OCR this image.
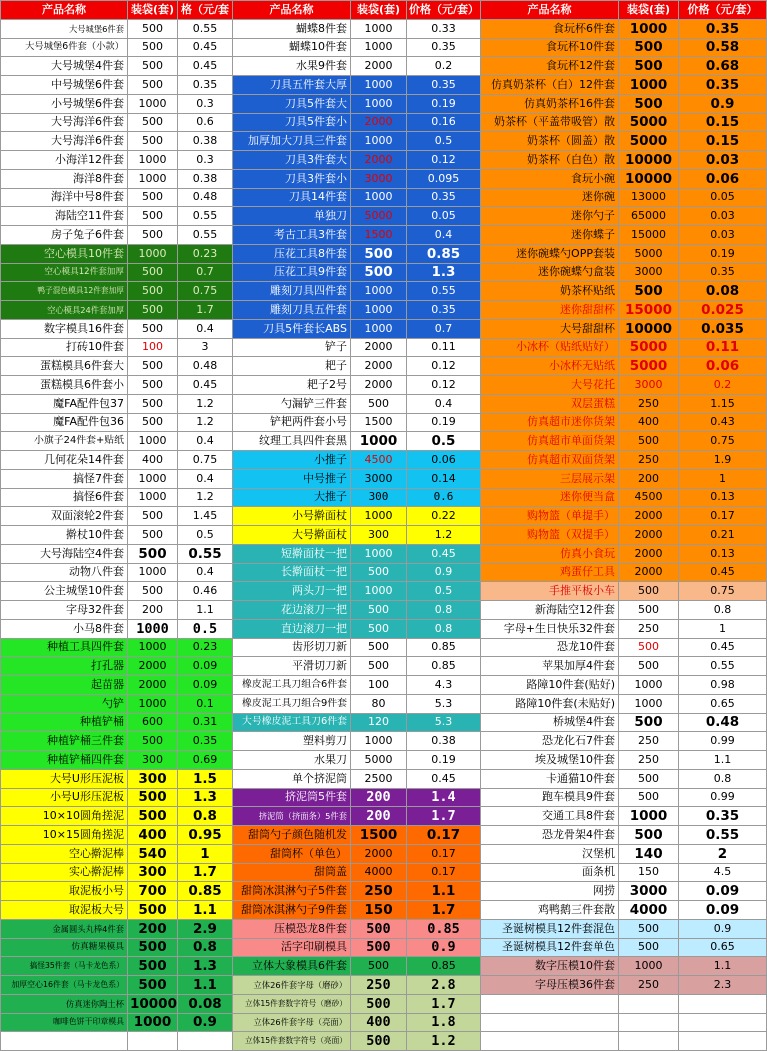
产品名称	装袋(套)	格（元/套
大号城堡6件套	500	0.55
大号城堡6件套（小款）	500	0.45
大号城堡4件套	500	0.45
中号城堡6件套	500	0.35
小号城堡6件套	1000	0.3
大号海洋6件套	500	0.6
大号海洋6件套	500	0.38
小海洋12件套	1000	0.3
海洋8件套	1000	0.38
海洋中号8件套	500	0.48
海陆空11件套	500	0.55
房子兔子6件套	500	0.55
空心模具10件套	1000	0.23
空心模具12件套加厚	500	0.7
鸭子混色模具12件套加厚	500	0.75
空心模具24件套加厚	500	1.7
数字模具16件套	500	0.4
打砖10件套	100	3
蛋糕模具6件套大	500	0.48
蛋糕模具6件套小	500	0.45
魔FA配件包37	500	1.2
魔FA配件包36	500	1.2
小旗子24件套+贴纸	1000	0.4
几何花朵14件套	400	0.75
搞怪7件套	1000	0.4
搞怪6件套	1000	1.2
双面滚轮2件套	500	1.45
擀杖10件套	500	0.5
大号海陆空4件套	500	0.55
动物八件套	1000	0.4
公主城堡10件套	500	0.46
字母32件套	200	1.1
小马8件套	1000	0.5
种植工具四件套	1000	0.23
打孔器	2000	0.09
起苗器	2000	0.09
勺铲	1000	0.1
种植铲桶	600	0.31
种植铲桶三件套	500	0.35
种植铲桶四件套	300	0.69
大号U形压泥板	300	1.5
小号U形压泥板	500	1.3
10×10圆角搓泥	500	0.8
10×15圆角搓泥	400	0.95
空心擀泥棒	540	1
实心擀泥棒	300	1.7
取泥板小号	700	0.85
取泥板大号	500	1.1
金属圆头丸棒4件套	200	2.9
仿真糖果模具	500	0.8
搞怪35件套（马卡龙色系）	500	1.3
加厚空心16件套（马卡龙色系）	500	1.1
仿真迷你陶土杯	10000	0.08
咖啡色饼干印章模具	1000	0.9

产品名称	装袋(套)	价格（元/套）
蝴蝶8件套	1000	0.33
蝴蝶10件套	1000	0.35
水果9件套	2000	0.2
刀具五件套大厚	1000	0.35
刀具5件套大	1000	0.19
刀具5件套小	2000	0.16
加厚加大刀具三件套	1000	0.5
刀具3件套大	2000	0.12
刀具3件套小	3000	0.095
刀具14件套	1000	0.35
单独刀	5000	0.05
考古工具3件套	1500	0.4
压花工具8件套	500	0.85
压花工具9件套	500	1.3
雕刻刀具四件套	1000	0.55
雕刻刀具五件套	1000	0.35
刀具5件套长ABS	1000	0.7
铲子	2000	0.11
耙子	2000	0.12
耙子2号	2000	0.12
勺漏铲三件套	500	0.4
铲耙两件套小号	1500	0.19
纹理工具四件套黑	1000	0.5
小推子	4500	0.06
中号推子	3000	0.14
大推子	300	0.6
小号擀面杖	1000	0.22
大号擀面杖	300	1.2
短擀面杖一把	1000	0.45
长擀面杖一把	500	0.9
两头刀一把	1000	0.5
花边滚刀一把	500	0.8
直边滚刀一把	500	0.8
齿形切刀新	500	0.85
平滑切刀新	500	0.85
橡皮泥工具刀组合6件套	100	4.3
橡皮泥工具刀组合9件套	80	5.3
大号橡皮泥工具刀6件套	120	5.3
塑料剪刀	1000	0.38
水果刀	5000	0.19
单个挤泥筒	2500	0.45
挤泥筒5件套	200	1.4
挤泥筒（挤面条）5件套	200	1.7
甜筒勺子颜色随机发	1500	0.17
甜筒杯（单色）	2000	0.17
甜筒盖	4000	0.17
甜筒冰淇淋勺子5件套	250	1.1
甜筒冰淇淋勺子9件套	150	1.7
压模恐龙8件套	500	0.85
活字印刷模具	500	0.9
立体大象模具6件套	500	0.85
立体26件套字母（磨砂）	250	2.8
立体15件套数字符号（磨砂）	500	1.7
立体26件套字母（亮面）	400	1.8
立体15件套数字符号（亮面）	500	1.2
产品名称	装袋(套)	价格（元/套）
食玩杯6件套	1000	0.35
食玩杯10件套	500	0.58
食玩杯12件套	500	0.68
仿真奶茶杯（白）12件套	1000	0.35
仿真奶茶杯16件套	500	0.9
奶茶杯（平盖带吸管）散	5000	0.15
奶茶杯（圆盖）散	5000	0.15
奶茶杯（白色）散	10000	0.03
食玩小碗	10000	0.06
迷你碗	13000	0.05
迷你勺子	65000	0.03
迷你蝶子	15000	0.03
迷你碗蝶勺OPP套装	5000	0.19
迷你碗蝶勺盒装	3000	0.35
奶茶杯贴纸	500	0.08
迷你甜甜杯	15000	0.025
大号甜甜杯	10000	0.035
小冰杯（贴纸贴好）	5000	0.11
小冰杯无贴纸	5000	0.06
大号花托	3000	0.2
双层蛋糕	250	1.15
仿真超市迷你货架	400	0.43
仿真超市单面货架	500	0.75
仿真超市双面货架	250	1.9
三层展示架	200	1
迷你便当盒	4500	0.13
购物篮（单提手）	2000	0.17
购物篮（双提手）	2000	0.21
仿真小食玩	2000	0.13
鸡蛋仔工具	2000	0.45
手推平板小车	500	0.75
新海陆空12件套	500	0.8
字母+生日快乐32件套	250	1
恐龙10件套	500	0.45
苹果加厚4件套	500	0.55
路障10件套(贴好)	1000	0.98
路障10件套(未贴好)	1000	0.65
桥城堡4件套	500	0.48
恐龙化石7件套	250	0.99
埃及城堡10件套	250	1.1
卡通猫10件套	500	0.8
跑车模具9件套	500	0.99
交通工具8件套	1000	0.35
恐龙骨架4件套	500	0.55
汉堡机	140	2
面条机	150	4.5
网捞	3000	0.09
鸡鸭鹅三件套散	4000	0.09
圣诞树模具12件套混色	500	0.9
圣诞树模具12件套单色	500	0.65
数字压模10件套	1000	1.1
字母压模36件套	250	2.3
